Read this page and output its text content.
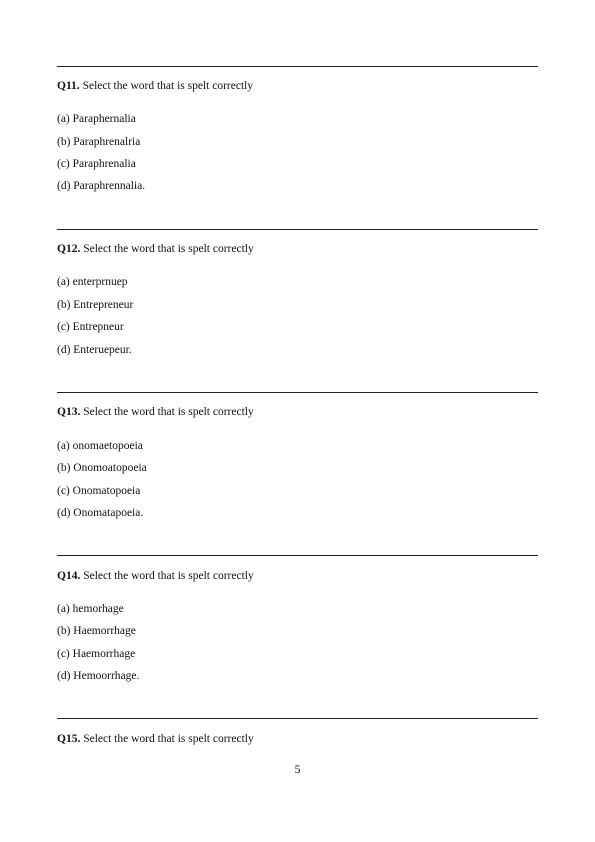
Q11. Select the word that is spelt correctly
(a) Paraphernalia
(b) Paraphrenalria
(c) Paraphrenalia
(d) Paraphrennalia.
Q12. Select the word that is spelt correctly
(a) enterprnuep
(b) Entrepreneur
(c) Entrepneur
(d) Enteruepeur.
Q13. Select the word that is spelt correctly
(a) onomaetopoeia
(b) Onomoatopoeia
(c) Onomatopoeia
(d) Onomatapoeia.
Q14. Select the word that is spelt correctly
(a) hemorhage
(b) Haemorrhage
(c) Haemorrhage
(d) Hemoorrhage.
Q15. Select the word that is spelt correctly
5
